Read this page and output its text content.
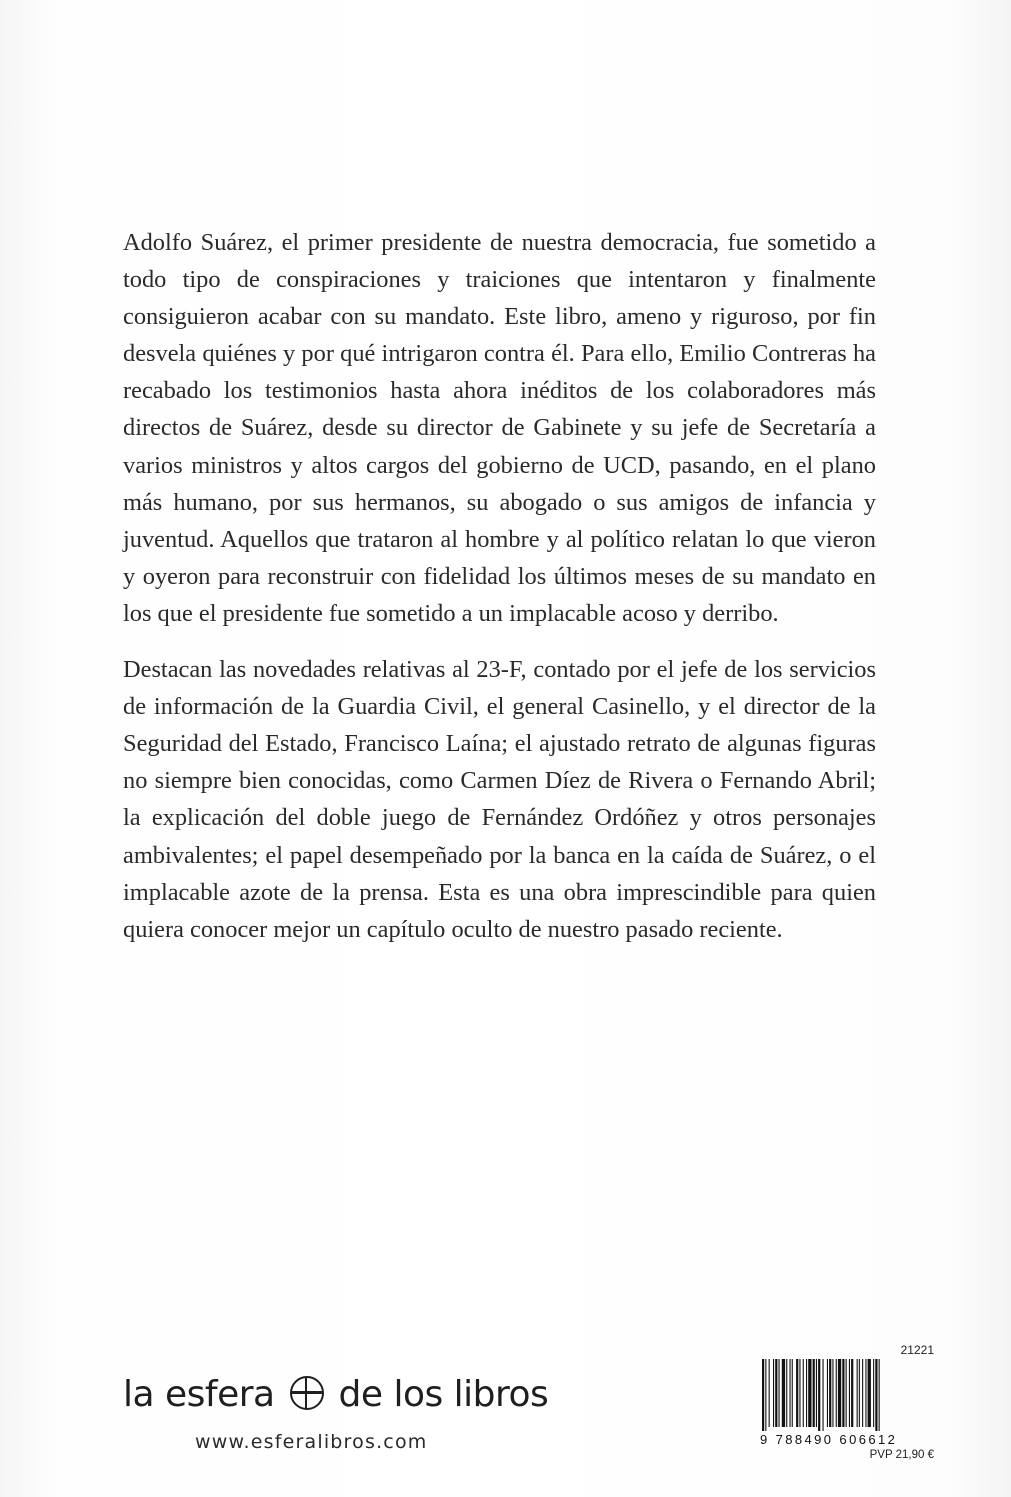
Adolfo Suárez, el primer presidente de nuestra democracia, fue sometido a todo tipo de conspiraciones y traiciones que intentaron y finalmente consiguieron acabar con su mandato. Este libro, ameno y riguroso, por fin desvela quiénes y por qué intrigaron contra él. Para ello, Emilio Contreras ha recabado los testimonios hasta ahora inéditos de los colaboradores más directos de Suárez, desde su director de Gabinete y su jefe de Secretaría a varios ministros y altos cargos del gobierno de UCD, pasando, en el plano más humano, por sus hermanos, su abogado o sus amigos de infancia y juventud. Aquellos que trataron al hombre y al político relatan lo que vieron y oyeron para reconstruir con fidelidad los últimos meses de su mandato en los que el presidente fue sometido a un implacable acoso y derribo.

Destacan las novedades relativas al 23-F, contado por el jefe de los servicios de información de la Guardia Civil, el general Casinello, y el director de la Seguridad del Estado, Francisco Laína; el ajustado retrato de algunas figuras no siempre bien conocidas, como Carmen Díez de Rivera o Fernando Abril; la explicación del doble juego de Fernández Ordóñez y otros personajes ambivalentes; el papel desempeñado por la banca en la caída de Suárez, o el implacable azote de la prensa. Esta es una obra imprescindible para quien quiera conocer mejor un capítulo oculto de nuestro pasado reciente.

la esfera de los libros
www.esferalibros.com
21221
9 788490 606612
PVP 21,90 €
